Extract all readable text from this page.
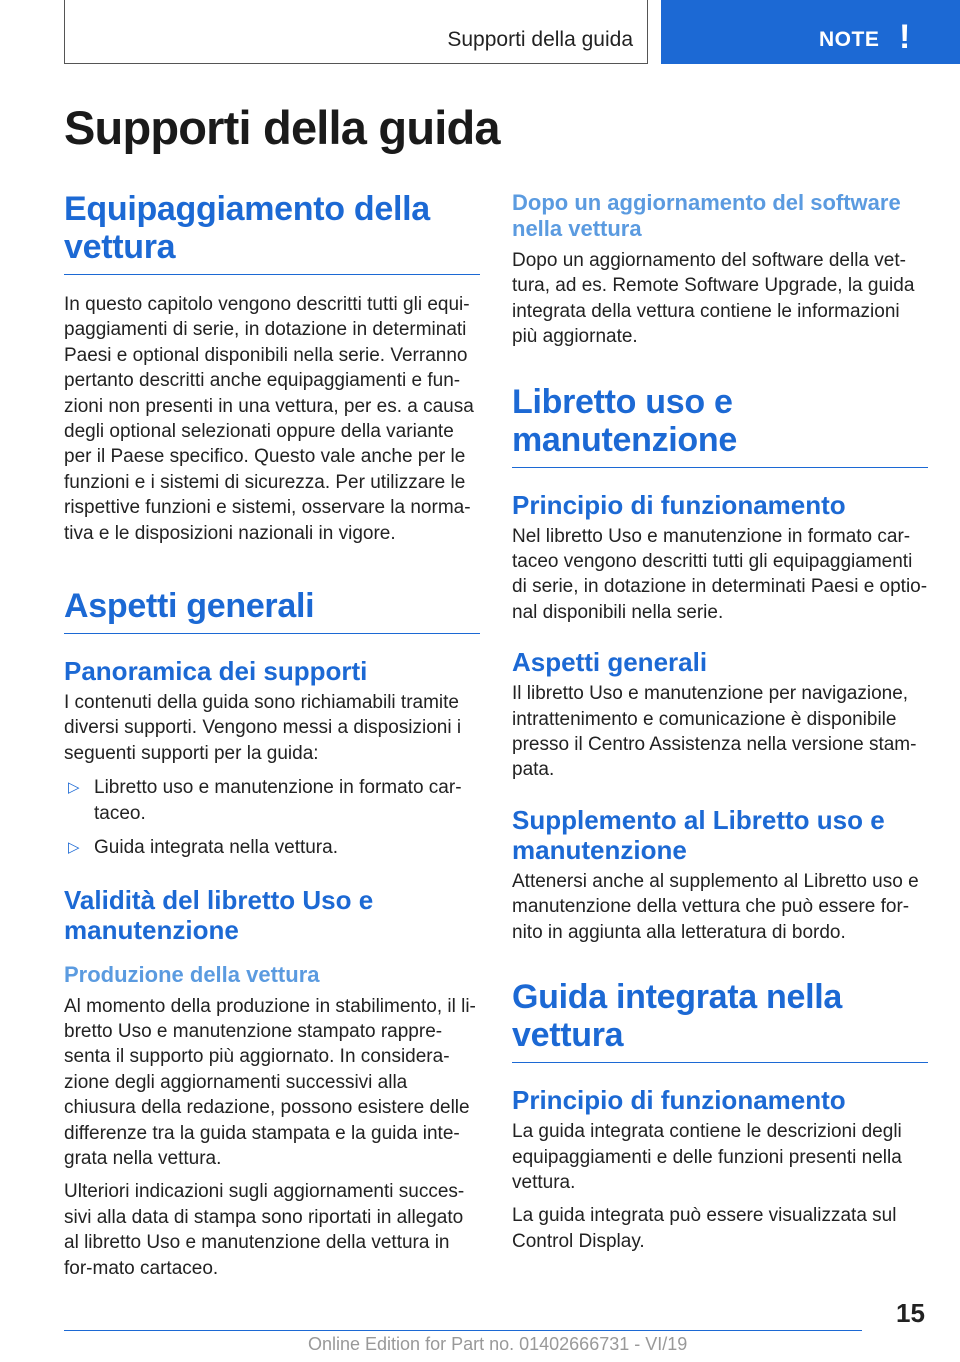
Supporti della guida	NOTE !
Supporti della guida
Equipaggiamento della vettura

In questo capitolo vengono descritti tutti gli equi-paggiamenti di serie, in dotazione in determinati Paesi e optional disponibili nella serie. Verranno pertanto descritti anche equipaggiamenti e fun-zioni non presenti in una vettura, per es. a causa degli optional selezionati oppure della variante per il Paese specifico. Questo vale anche per le funzioni e i sistemi di sicurezza. Per utilizzare le rispettive funzioni e sistemi, osservare la norma-tiva e le disposizioni nazionali in vigore.

Aspetti generali
Panoramica dei supporti

I contenuti della guida sono richiamabili tramite diversi supporti. Vengono messi a disposizioni i seguenti supporti per la guida:

▷ Libretto uso e manutenzione in formato car-taceo.
▷ Guida integrata nella vettura.
Validità del libretto Uso e manutenzione
Produzione della vettura

Al momento della produzione in stabilimento, il li-bretto Uso e manutenzione stampato rappre-senta il supporto più aggiornato. In considera-zione degli aggiornamenti successivi alla chiusura della redazione, possono esistere delle differenze tra la guida stampata e la guida inte-grata nella vettura.

Ulteriori indicazioni sugli aggiornamenti succes-sivi alla data di stampa sono riportati in allegato al libretto Uso e manutenzione della vettura in for-mato cartaceo.

Dopo un aggiornamento del software nella vettura

Dopo un aggiornamento del software della vet-tura, ad es. Remote Software Upgrade, la guida integrata della vettura contiene le informazioni più aggiornate.

Libretto uso e manutenzione
Principio di funzionamento

Nel libretto Uso e manutenzione in formato car-taceo vengono descritti tutti gli equipaggiamenti di serie, in dotazione in determinati Paesi e optio-nal disponibili nella serie.

Aspetti generali

Il libretto Uso e manutenzione per navigazione, intrattenimento e comunicazione è disponibile presso il Centro Assistenza nella versione stam-pata.

Supplemento al Libretto uso e manutenzione

Attenersi anche al supplemento al Libretto uso e manutenzione della vettura che può essere for-nito in aggiunta alla letteratura di bordo.

Guida integrata nella vettura
Principio di funzionamento

La guida integrata contiene le descrizioni degli equipaggiamenti e delle funzioni presenti nella vettura.

La guida integrata può essere visualizzata sul Control Display.

15
Online Edition for Part no. 01402666731 - VI/19
